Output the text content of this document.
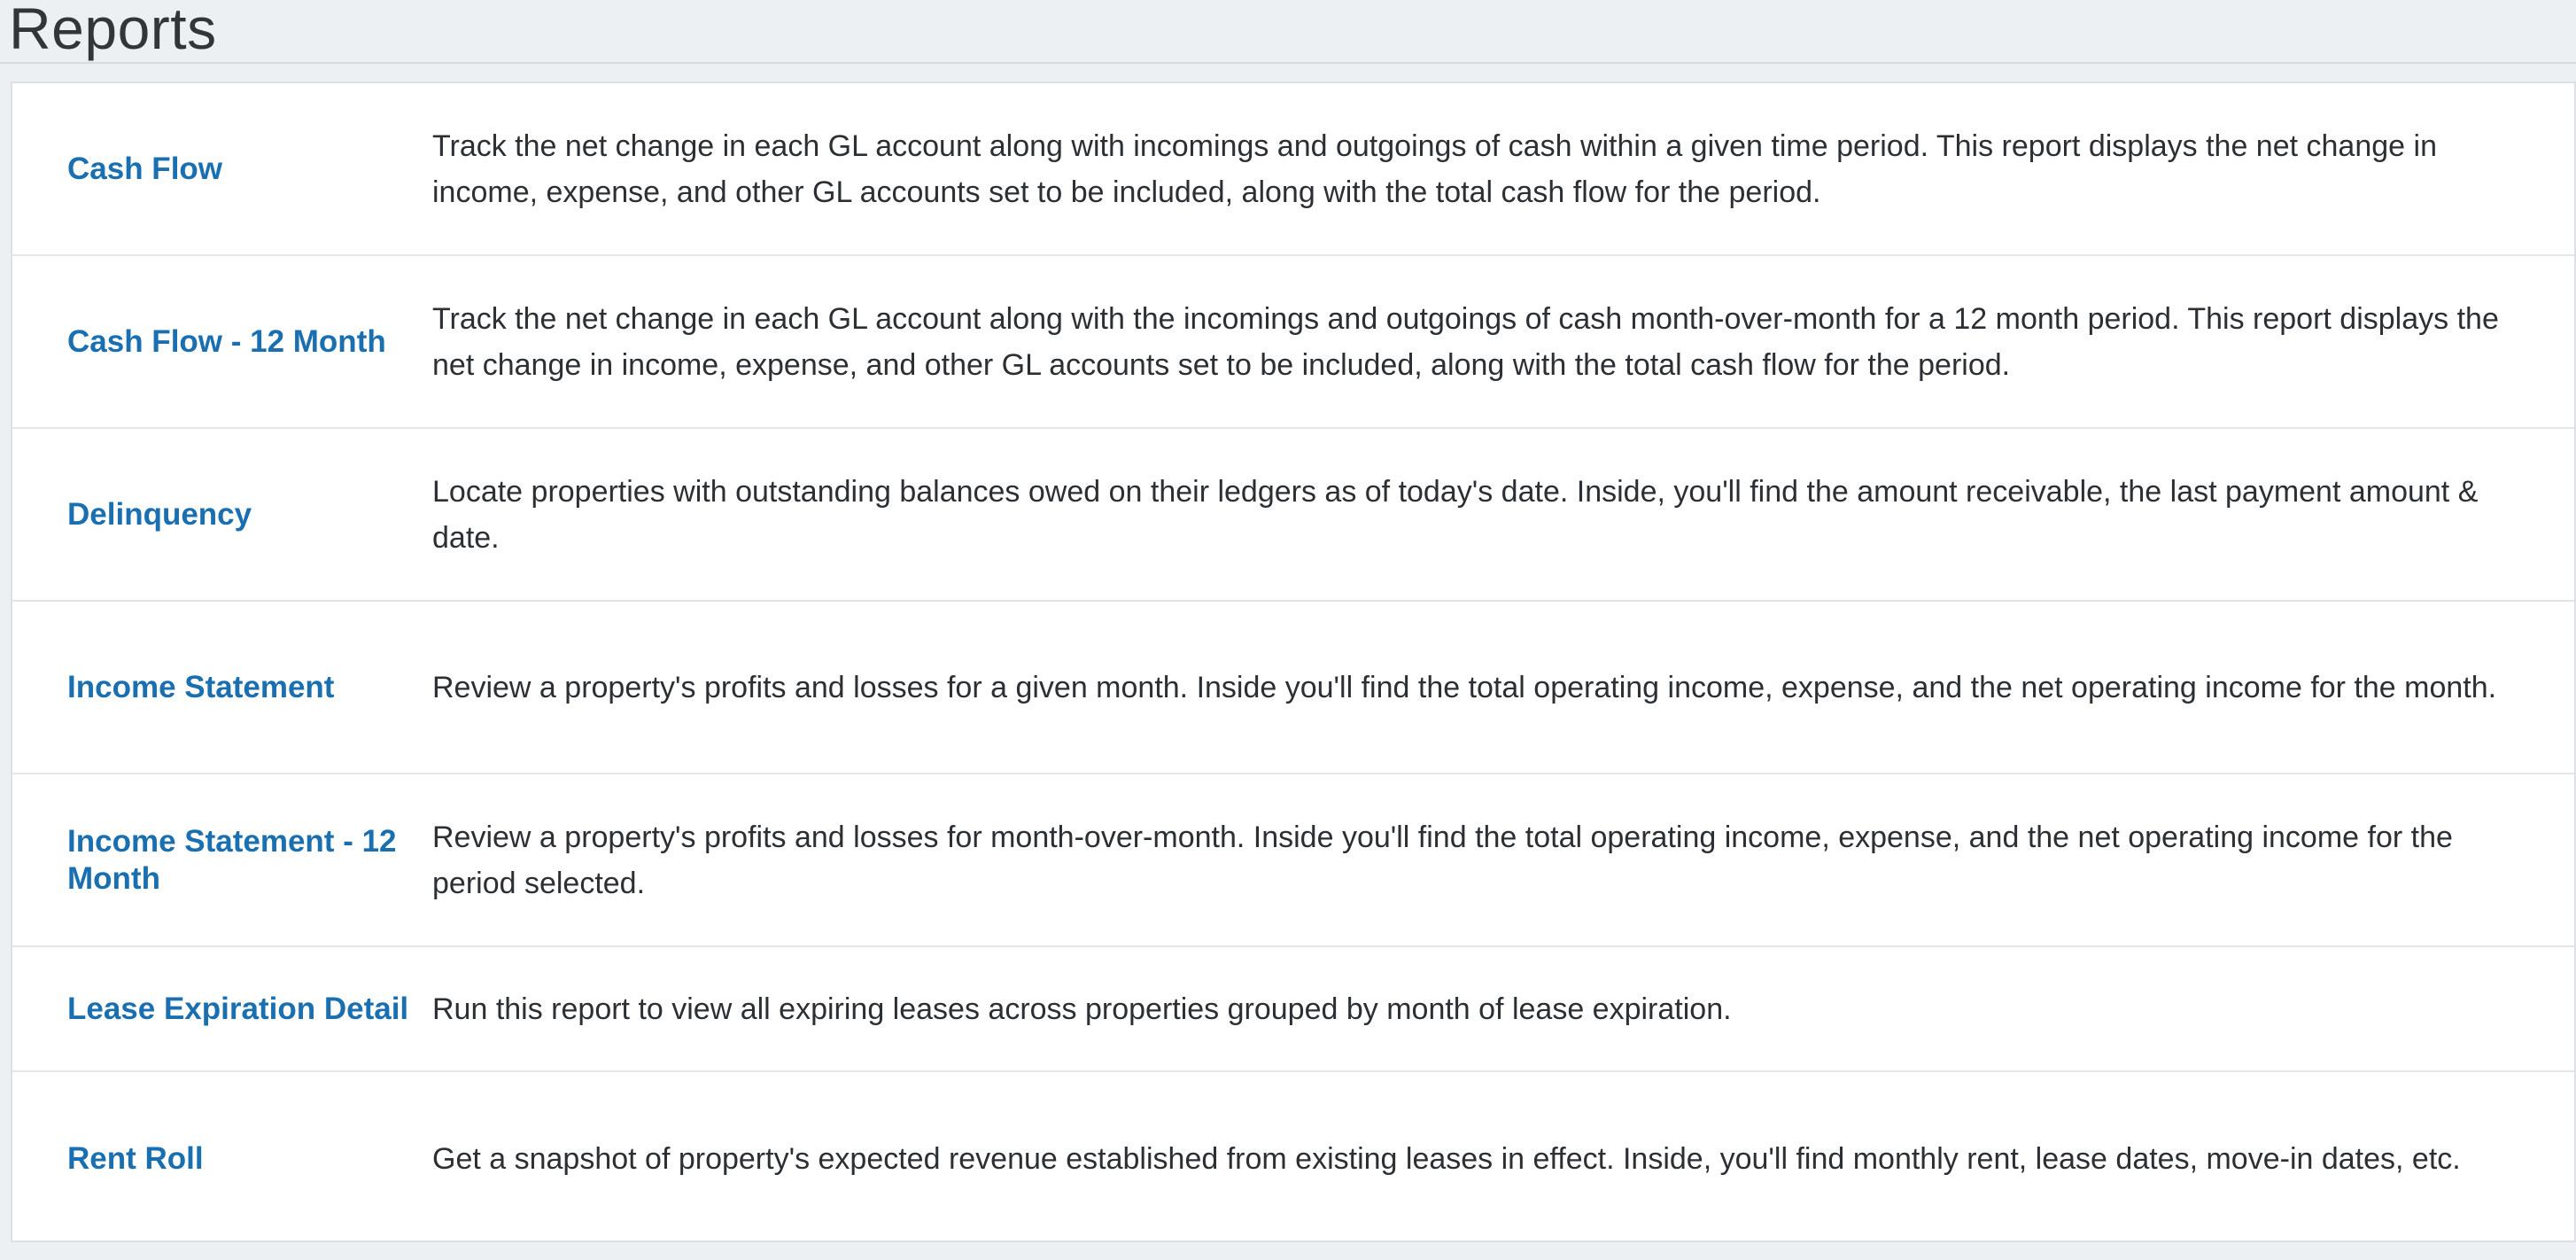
Reports
Cash Flow
Track the net change in each GL account along with incomings and outgoings of cash within a given time period. This report displays the net change in income, expense, and other GL accounts set to be included, along with the total cash flow for the period.
Cash Flow - 12 Month
Track the net change in each GL account along with the incomings and outgoings of cash month-over-month for a 12 month period. This report displays the net change in income, expense, and other GL accounts set to be included, along with the total cash flow for the period.
Delinquency
Locate properties with outstanding balances owed on their ledgers as of today's date. Inside, you'll find the amount receivable, the last payment amount & date.
Income Statement	Review a property's profits and losses for a given month. Inside you'll find the total operating income, expense, and the net operating income for the month.
Income Statement - 12 Month
Review a property's profits and losses for month-over-month. Inside you'll find the total operating income, expense, and the net operating income for the period selected.
Lease Expiration Detail Run this report to view all expiring leases across properties grouped by month of lease expiration.
Rent Roll	Get a snapshot of property's expected revenue established from existing leases in effect. Inside, you'll find monthly rent, lease dates, move-in dates, etc.
